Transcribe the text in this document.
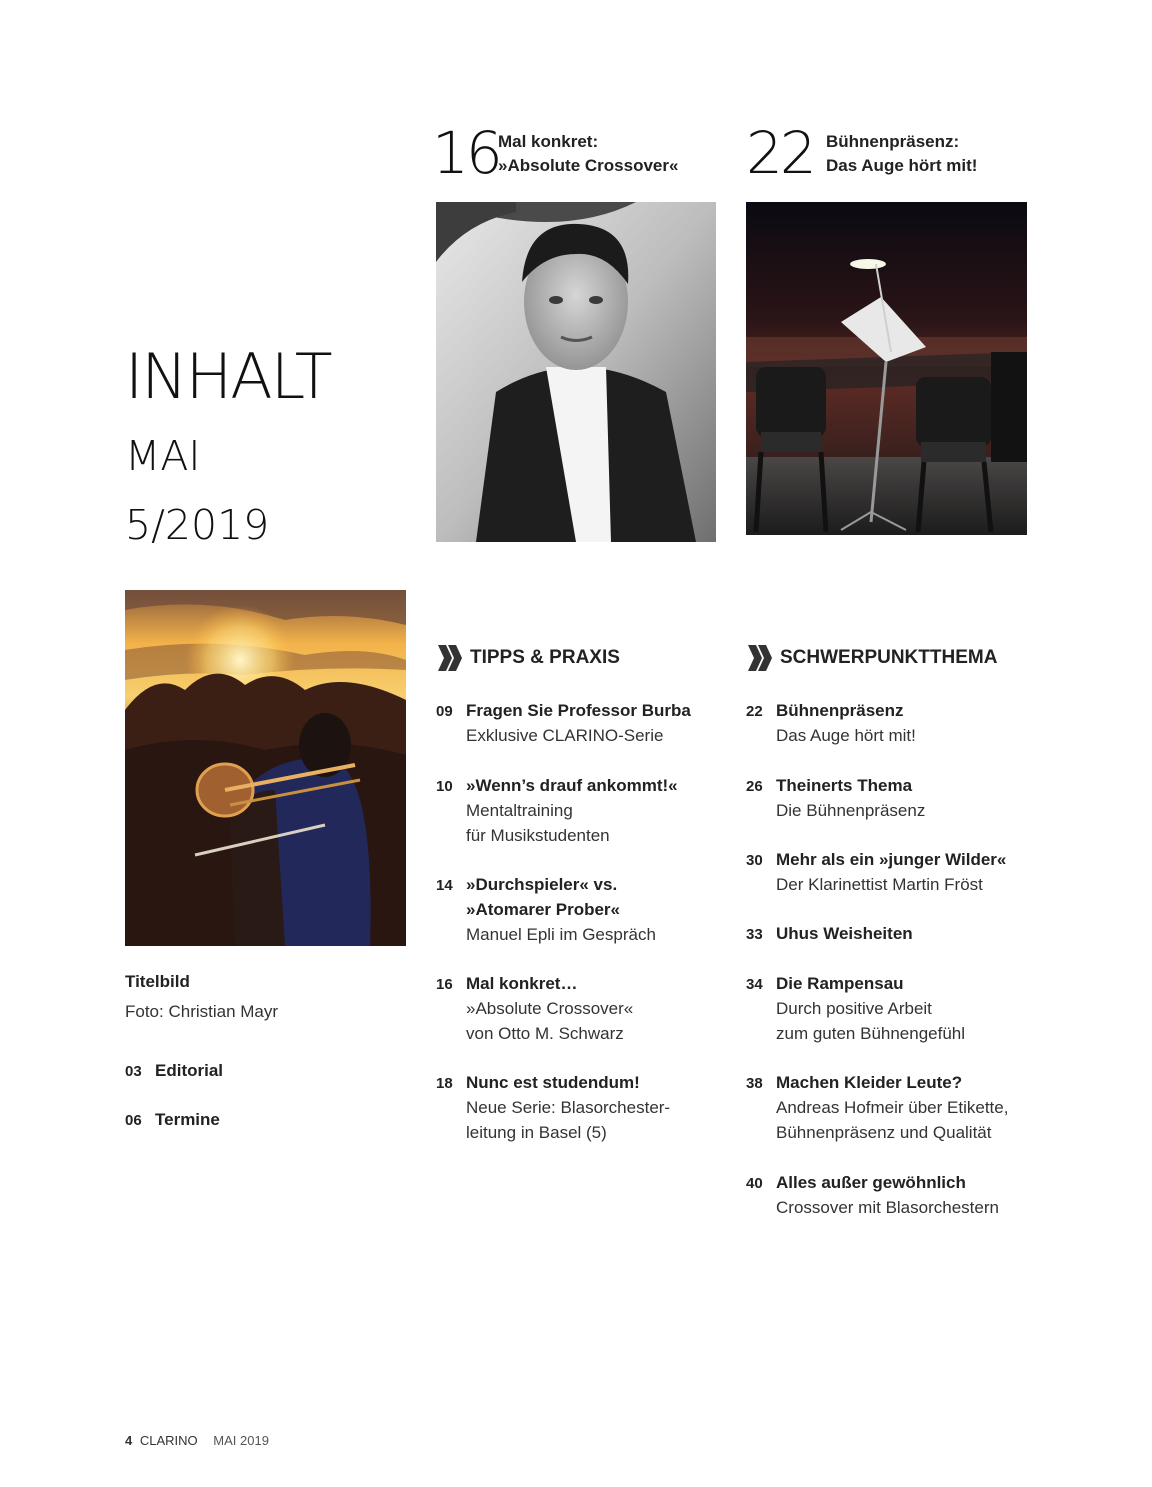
16
Mal konkret:
»Absolute Crossover« 22 Bühnenpräsenz:
Das Auge hört mit!
INHALT
MAI
5/2019
Titelbild
Foto: Christian Mayr
03 Editorial
06 Termine
TIPPS & PRAXIS
09 Fragen Sie Professor Burba
Exklusive CLARINO-Serie
10 »Wenn’s drauf ankommt!«
Mentaltraining
für Musikstudenten
14 »Durchspieler« vs.
»Atomarer Prober«
Manuel Epli im Gespräch
16 Mal konkret…
»Absolute Crossover«
von Otto M. Schwarz
18 Nunc est studendum!
Neue Serie: Blasorchester-
leitung in Basel (5)
SCHWERPUNKTTHEMA
22 Bühnenpräsenz
Das Auge hört mit!
26 Theinerts Thema
Die Bühnenpräsenz
30 Mehr als ein »junger Wilder«
Der Klarinettist Martin Fröst
33 Uhus Weisheiten
34 Die Rampensau
Durch positive Arbeit
zum guten Bühnengefühl
38 Machen Kleider Leute?
Andreas Hofmeir über Etikette,
Bühnenpräsenz und Qualität
40 Alles außer gewöhnlich
Crossover mit Blasorchestern
4 CLARINO MAI 2019
